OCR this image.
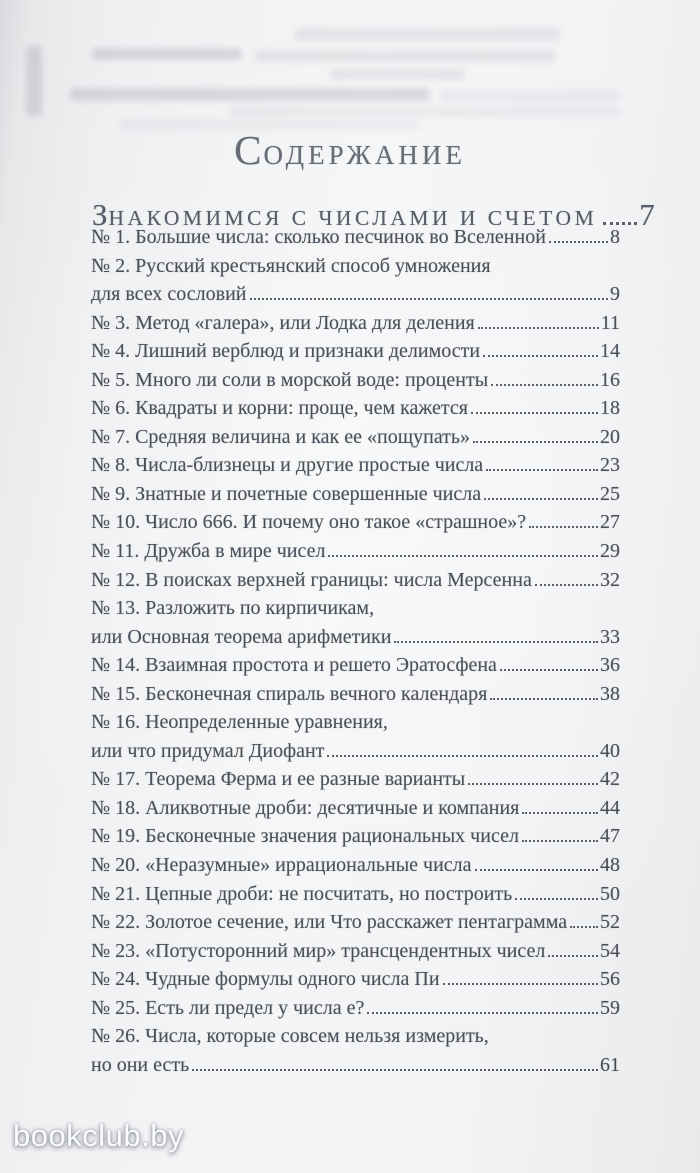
СОДЕРЖАНИЕ
ЗНАКОМИМСЯ С ЧИСЛАМИ И СЧЕТОМ 7
№ 1. Большие числа: сколько песчинок во Вселенной	8
№ 2. Русский крестьянский способ умножения
для всех сословий	9
№ 3. Метод «галера», или Лодка для деления	11
№ 4. Лишний верблюд и признаки делимости	14
№ 5. Много ли соли в морской воде: проценты	16
№ 6. Квадраты и корни: проще, чем кажется	18
№ 7. Средняя величина и как ее «пощупать»	20
№ 8. Числа-близнецы и другие простые числа	23
№ 9. Знатные и почетные совершенные числа	25
№ 10. Число 666. И почему оно такое «страшное»?	27
№ 11. Дружба в мире чисел	29
№ 12. В поисках верхней границы: числа Мерсенна	32
№ 13. Разложить по кирпичикам,
или Основная теорема арифметики	33
№ 14. Взаимная простота и решето Эратосфена	36
№ 15. Бесконечная спираль вечного календаря	38
№ 16. Неопределенные уравнения,
или что придумал Диофант	40
№ 17. Теорема Ферма и ее разные варианты	42
№ 18. Аликвотные дроби: десятичные и компания	44
№ 19. Бесконечные значения рациональных чисел	47
№ 20. «Неразумные» иррациональные числа	48
№ 21. Цепные дроби: не посчитать, но построить	50
№ 22. Золотое сечение, или Что расскажет пентаграмма 52
№ 23. «Потусторонний мир» трансцендентных чисел	54
№ 24. Чудные формулы одного числа Пи	56
№ 25. Есть ли предел у числа е?	59
№ 26. Числа, которые совсем нельзя измерить,
но они есть	61
bookclub.by
